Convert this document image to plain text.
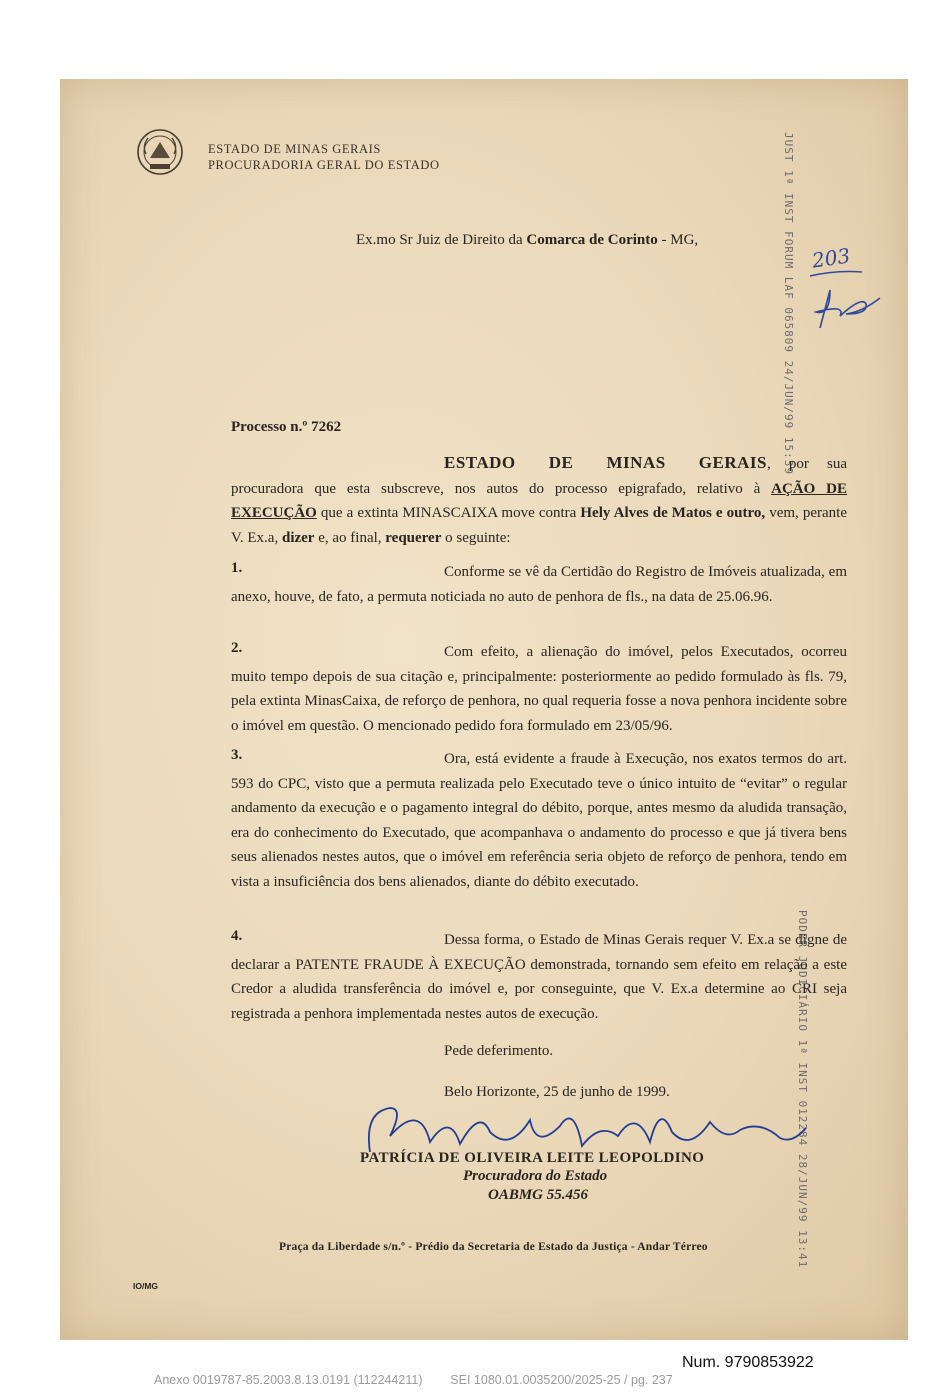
ESTADO DE MINAS GERAIS
PROCURADORIA GERAL DO ESTADO
Ex.mo Sr Juiz de Direito da Comarca de Corinto - MG,
203
JUST 1ª INST FORUM LAF 065809 24/JUN/99 15:39
PODER JUDICIÁRIO 1ª INST 012284 28/JUN/99 13:41
Processo n.º 7262
ESTADO DE MINAS GERAIS, por sua procuradora que esta subscreve, nos autos do processo epigrafado, relativo à AÇÃO DE EXECUÇÃO que a extinta MINASCAIXA move contra Hely Alves de Matos e outro, vem, perante V. Ex.a, dizer e, ao final, requerer o seguinte:
1.	Conforme se vê da Certidão do Registro de Imóveis atualizada, em anexo, houve, de fato, a permuta noticiada no auto de penhora de fls., na data de 25.06.96.
2.	Com efeito, a alienação do imóvel, pelos Executados, ocorreu muito tempo depois de sua citação e, principalmente: posteriormente ao pedido formulado às fls. 79, pela extinta MinasCaixa, de reforço de penhora, no qual requeria fosse a nova penhora incidente sobre o imóvel em questão. O mencionado pedido fora formulado em 23/05/96.
3.	Ora, está evidente a fraude à Execução, nos exatos termos do art. 593 do CPC, visto que a permuta realizada pelo Executado teve o único intuito de “evitar” o regular andamento da execução e o pagamento integral do débito, porque, antes mesmo da aludida transação, era do conhecimento do Executado, que acompanhava o andamento do processo e que já tivera bens seus alienados nestes autos, que o imóvel em referência seria objeto de reforço de penhora, tendo em vista a insuficiência dos bens alienados, diante do débito executado.
4.	Dessa forma, o Estado de Minas Gerais requer V. Ex.a se digne de declarar a PATENTE FRAUDE À EXECUÇÃO demonstrada, tornando sem efeito em relação a este Credor a aludida transferência do imóvel e, por conseguinte, que V. Ex.a determine ao CRI seja registrada a penhora implementada nestes autos de execução.
Pede deferimento.
Belo Horizonte, 25 de junho de 1999.
PATRÍCIA DE OLIVEIRA LEITE LEOPOLDINO
Procuradora do Estado
OABMG 55.456
Praça da Liberdade s/n.º - Prédio da Secretaria de Estado da Justiça - Andar Térreo
IO/MG
Num. 9790853922
Anexo 0019787-85.2003.8.13.0191 (112244211)        SEI 1080.01.0035200/2025-25 / pg. 237
